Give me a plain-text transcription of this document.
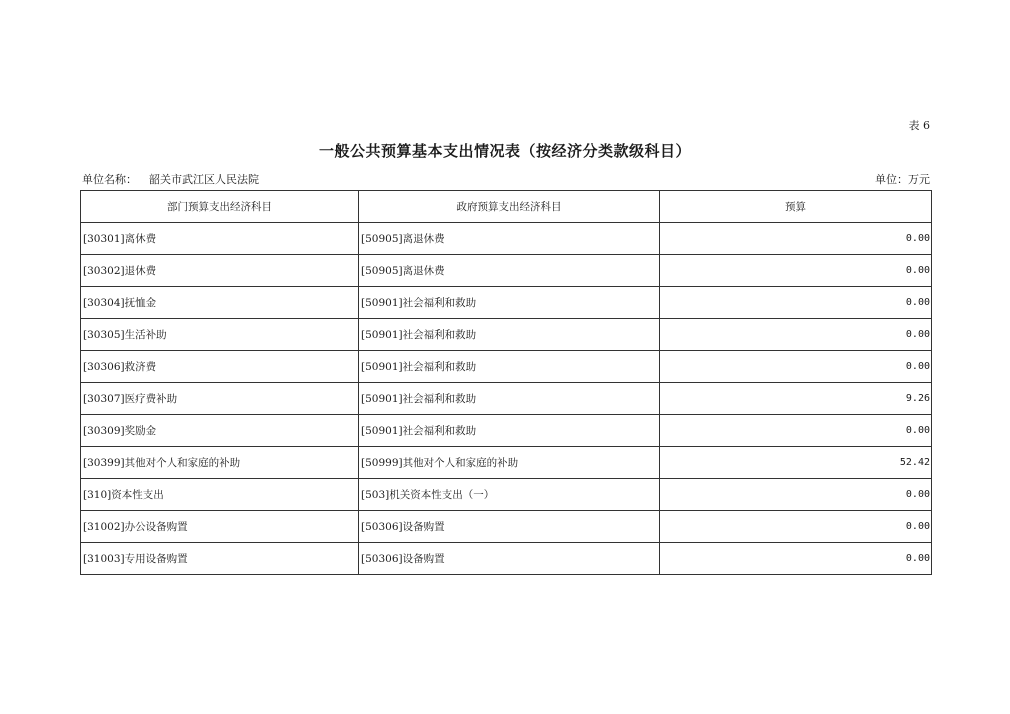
表 6
一般公共预算基本支出情况表（按经济分类款级科目）
单位名称： 韶关市武江区人民法院	单位：万元
部门预算支出经济科目	政府预算支出经济科目	预算
[30301]离休费	[50905]离退休费	0.00
[30302]退休费	[50905]离退休费	0.00
[30304]抚恤金	[50901]社会福利和救助	0.00
[30305]生活补助	[50901]社会福利和救助	0.00
[30306]救济费	[50901]社会福利和救助	0.00
[30307]医疗费补助	[50901]社会福利和救助	9.26
[30309]奖励金	[50901]社会福利和救助	0.00
[30399]其他对个人和家庭的补助	[50999]其他对个人和家庭的补助	52.42
[310]资本性支出	[503]机关资本性支出（一）	0.00
[31002]办公设备购置	[50306]设备购置	0.00
[31003]专用设备购置	[50306]设备购置	0.00
